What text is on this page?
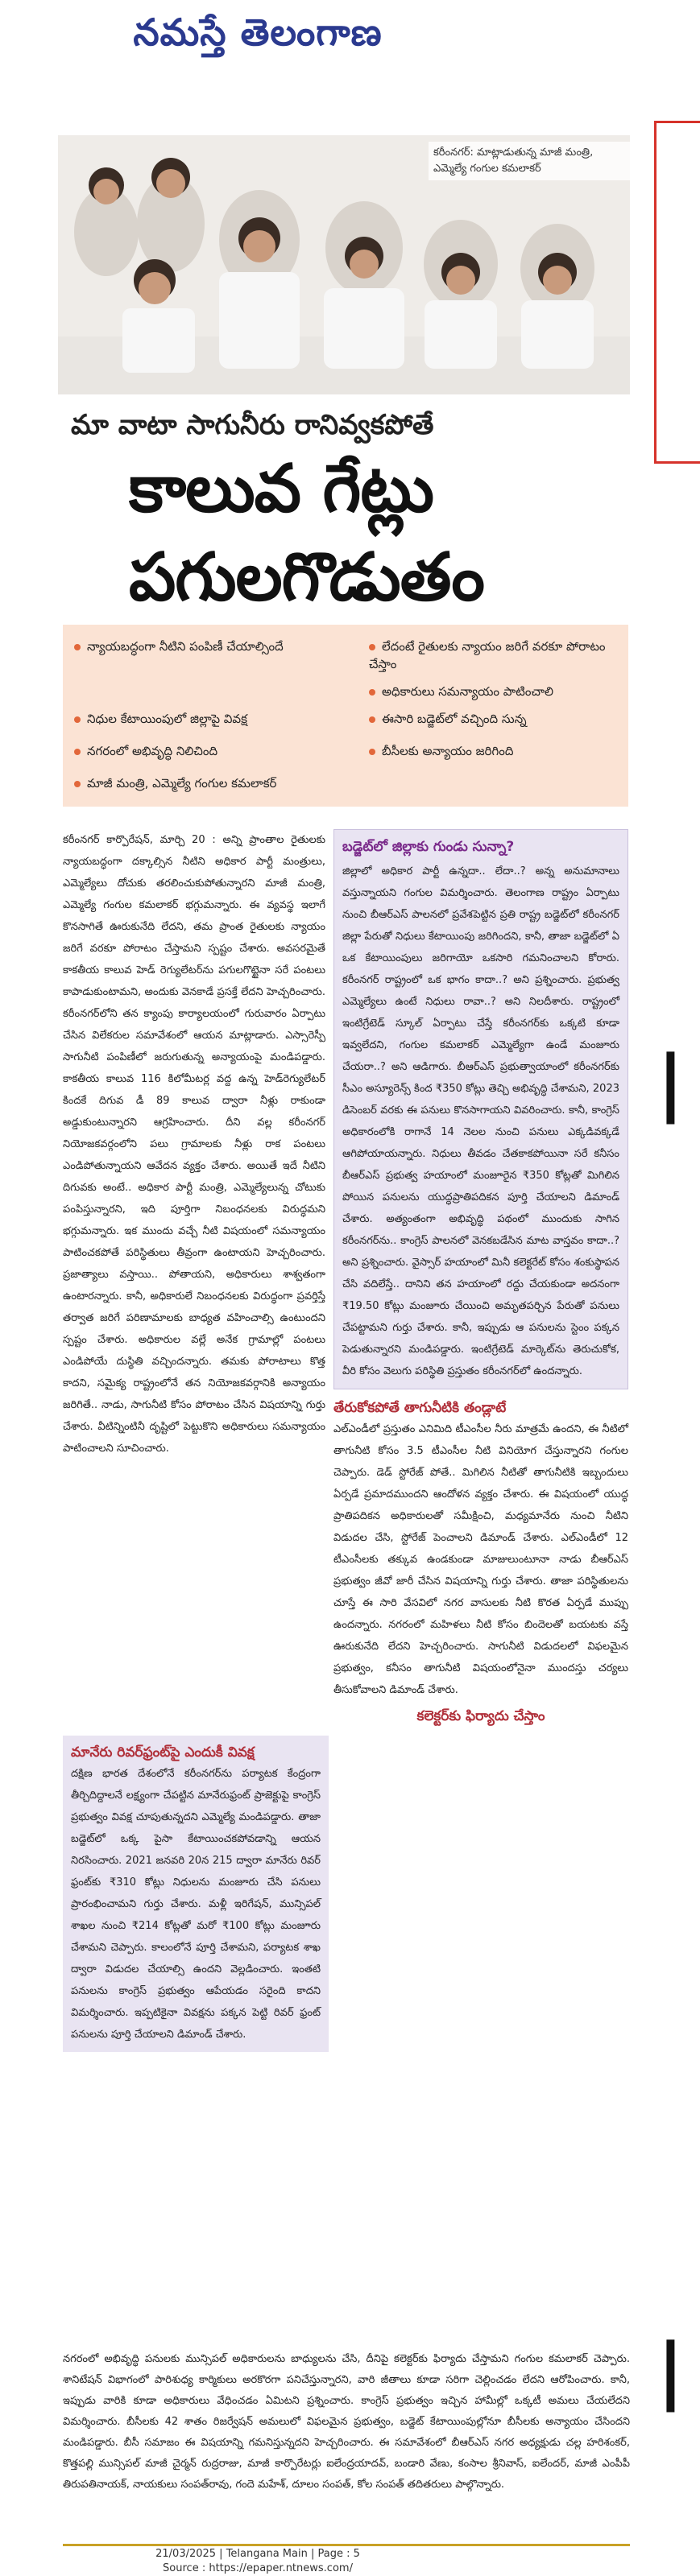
నమస్తే తెలంగాణ
కరీంనగర్: మాట్లాడుతున్న మాజీ మంత్రి, ఎమ్మెల్యే గంగుల కమలాకర్
మా వాటా సాగునీరు రానివ్వకపోతే
కాలువ గేట్లు
పగులగొడుతం
న్యాయబద్ధంగా నీటిని పంపిణీ చేయాల్సిందే	లేదంటే రైతులకు న్యాయం జరిగే వరకూ పోరాటం చేస్తాం
అధికారులు సమన్యాయం పాటించాలి
నిధుల కేటాయింపులో జిల్లాపై వివక్ష	ఈసారి బడ్జెట్‌లో వచ్చింది సున్న
నగరంలో అభివృద్ధి నిలిచింది	బీసీలకు అన్యాయం జరిగింది
మాజీ మంత్రి, ఎమ్మెల్యే గంగుల కమలాకర్
కరీంనగర్ కార్పొరేషన్, మార్చి 20 : అన్ని ప్రాంతాల రైతులకు న్యాయబద్ధంగా దక్కాల్సిన నీటిని అధికార పార్టీ మంత్రులు, ఎమ్మెల్యేలు దోచుకు తరలించుకుపోతున్నారని మాజీ మంత్రి, ఎమ్మెల్యే గంగుల కమలాకర్ భగ్గుమన్నారు. ఈ వ్యవస్థ ఇలాగే కొనసాగితే ఊరుకునేది లేదని, తమ ప్రాంత రైతులకు న్యాయం జరిగే వరకూ పోరాటం చేస్తామని స్పష్టం చేశారు. అవసరమైతే కాకతీయ కాలువ హెడ్ రెగ్యులేటర్‌ను పగులగొట్టైనా సరే పంటలు కాపాడుకుంటామని, అందుకు వెనకాడే ప్రసక్తే లేదని హెచ్చరించారు. కరీంనగర్‌లోని తన క్యాంపు కార్యాలయంలో గురువారం ఏర్పాటు చేసిన విలేకరుల సమావేశంలో ఆయన మాట్లాడారు. ఎస్సారెస్పీ సాగునీటి పంపిణీలో జరుగుతున్న అన్యాయంపై మండిపడ్డారు. కాకతీయ కాలువ 116 కిలోమీటర్ల వద్ద ఉన్న హెడ్‌రెగ్యులేటర్ కిందకే దిగువ డీ 89 కాలువ ద్వారా నీళ్లు రాకుండా అడ్డుకుంటున్నారని ఆగ్రహించారు. దీని వల్ల కరీంనగర్ నియోజకవర్గంలోని పలు గ్రామాలకు నీళ్లు రాక పంటలు ఎండిపోతున్నాయని ఆవేదన వ్యక్తం చేశారు. అయితే ఇదే నీటిని దిగువకు అంటే.. అధికార పార్టీ మంత్రి, ఎమ్మెల్యేలున్న చోటుకు పంపిస్తున్నారని, ఇది పూర్తిగా నిబంధనలకు విరుద్ధమని భగ్గుమన్నారు. ఇక ముందు వచ్చే నీటి విషయంలో సమన్యాయం పాటించకపోతే పరిస్థితులు తీవ్రంగా ఉంటాయని హెచ్చరించారు. ప్రజాత్యాలు వస్తాయి.. పోతాయని, అధికారులు శాశ్వతంగా ఉంటారన్నారు. కానీ, అధికారులే నిబంధనలకు విరుద్ధంగా ప్రవర్తిస్తే తర్వాత జరిగే పరిణామాలకు బాధ్యత వహించాల్సి ఉంటుందని స్పష్టం చేశారు. అధికారుల వల్లే అనేక గ్రామాల్లో పంటలు ఎండిపోయే దుస్థితి వచ్చిందన్నారు. తమకు పోరాటాలు కొత్త కాదని, సమైక్య రాష్ట్రంలోనే తన నియోజకవర్గానికి అన్యాయం జరిగితే.. నాడు, సాగునీటి కోసం పోరాటం చేసిన విషయాన్ని గుర్తు చేశారు. వీటిన్నింటినీ దృష్టిలో పెట్టుకొని అధికారులు సమన్యాయం పాటించాలని సూచించారు.
బడ్జెట్‌లో జిల్లాకు గుండు సున్నా?
జిల్లాలో అధికార పార్టీ ఉన్నదా.. లేదా..? అన్న అనుమానాలు వస్తున్నాయని గంగుల విమర్శించారు. తెలంగాణ రాష్ట్రం ఏర్పాటు నుంచి బీఆర్ఎస్ పాలనలో ప్రవేశపెట్టిన ప్రతి రాష్ట్ర బడ్జెట్‌లో కరీంనగర్ జిల్లా పేరుతో నిధులు కేటాయింపు జరిగిందని, కానీ, తాజా బడ్జెట్‌లో ఏ ఒక కేటాయింపులు జరిగాయో ఒకసారి గమనించాలని కోరారు. కరీంనగర్ రాష్ట్రంలో ఒక భాగం కాదా..? అని ప్రశ్నించారు. ప్రభుత్వ ఎమ్మెల్యేలు ఉంటే నిధులు రావా..? అని నిలదీశారు. రాష్ట్రంలో ఇంటిగ్రేటెడ్ స్కూల్ ఏర్పాటు చేస్తే కరీంనగర్‌కు ఒక్కటి కూడా ఇవ్వలేదని, గంగుల కమలాకర్ ఎమ్మెల్యేగా ఉండే మంజూరు చేయరా..? అని ఆడిగారు. బీఆర్ఎస్ ప్రభుత్వాయాంలో కరీంనగర్‌కు సీఎం అస్యూరెన్స్ కింద ₹350 కోట్లు తెచ్చి అభివృద్ధి చేశామని, 2023 డిసెంబర్ వరకు ఈ పనులు కొనసాగాయని వివరించారు. కానీ, కాంగ్రెస్ అధికారంలోకి రాగానే 14 నెలల నుంచి పనులు ఎక్కడివక్కడే ఆగిపోయాయన్నారు. నిధులు తీవడం చేతకాకపోయినా సరే కనీసం బీఆర్ఎస్ ప్రభుత్వ హయాంలో మంజూరైన ₹350 కోట్లతో మిగిలిన పోయిన పనులను యుద్ధప్రాతిపదికన పూర్తి చేయాలని డిమాండ్ చేశారు. అత్యంతంగా అభివృద్ధి పథంలో ముందుకు సాగిన కరీంనగర్‌ను.. కాంగ్రెస్ పాలనలో వెనకబడేసిన మాట వాస్తవం కాదా..? అని ప్రశ్నించారు. వైస్సార్ హయాంలో మినీ కలెక్టరేట్ కోసం శంకుస్థాపన చేసి వదిలేస్తే.. దానిని తన హయాంలో రద్దు చేయకుండా అదనంగా ₹19.50 కోట్లు మంజూరు చేయించి అమృతపర్చిన పేరుతో పనులు చేపట్టామని గుర్తు చేశారు. కానీ, ఇప్పుడు ఆ పనులను స్టెంం పక్కన పెడుతున్నారని మండిపడ్డారు. ఇంటిగ్రేటెడ్ మార్కెట్‌ను తెరుచుకోక, వీరి కోసం వెలుగు పరిస్థితి ప్రస్తుతం కరీంనగర్‌లో ఉందన్నారు.
తేరుకోకపోతే తాగునీటికి తండ్లాటే
ఎల్‌ఎండీలో ప్రస్తుతం ఎనిమిది టీఎంసీల నీరు మాత్రమే ఉందని, ఈ నీటిలో తాగునీటి కోసం 3.5 టీఎంసీల నీటి వినియోగ చేస్తున్నారని గంగుల చెప్పారు. డెడ్ స్టోరేజ్ పోతే.. మిగిలిన నీటితో తాగునీటికి ఇబ్బందులు ఏర్పడే ప్రమాదముందని ఆందోళన వ్యక్తం చేశారు. ఈ విషయంలో యుద్ధ ప్రాతిపదికన అధికారులతో సమీక్షించి, మధ్యమానేరు నుంచి నీటిని విడుదల చేసి, స్టోరేజ్ పెంచాలని డిమాండ్ చేశారు. ఎల్‌ఎండీలో 12 టీఎంసీలకు తక్కువ ఉండకుండా మాజులుంటూనా నాడు బీఆర్ఎస్ ప్రభుత్వం జీవో జారీ చేసిన విషయాన్ని గుర్తు చేశారు. తాజా పరిస్థితులను చూస్తే ఈ సారి వేసవిలో నగర వాసులకు నీటి కొరత ఏర్పడే ముప్పు ఉందన్నారు. నగరంలో మహిళలు నీటి కోసం బిందెలతో బయటకు వస్తే ఊరుకునేది లేదని హెచ్చరించారు. సాగునీటి విడుదలలో విఫలమైన ప్రభుత్వం, కనీసం తాగునీటి విషయంలోనైనా ముందస్తు చర్యలు తీసుకోవాలని డిమాండ్ చేశారు.
కలెక్టర్‌కు ఫిర్యాదు చేస్తాం
మానేరు రివర్‌ఫ్రంట్‌పై ఎందుకీ వివక్ష
దక్షిణ భారత దేశంలోనే కరీంనగర్‌ను పర్యాటక కేంద్రంగా తీర్చిదిద్దాలనే లక్ష్యంగా చేపట్టిన మానేరుఫ్రంట్ ప్రాజెక్టుపై కాంగ్రెస్ ప్రభుత్వం వివక్ష చూపుతున్నదని ఎమ్మెల్యే మండిపడ్డారు. తాజా బడ్జెట్‌లో ఒక్క పైసా కేటాయించకపోవడాన్ని ఆయన నిరసించారు. 2021 జనవరి 20న 215 ద్వారా మానేరు రివర్ ఫ్రంట్‌కు ₹310 కోట్లు నిధులను మంజూరు చేసి పనులు ప్రారంభించామని గుర్తు చేశారు. మళ్లీ ఇరిగేషన్, మున్సిపల్ శాఖల నుంచి ₹214 కోట్లతో మరో ₹100 కోట్లు మంజూరు చేశామని చెప్పారు. కాలంలోనే పూర్తి చేశామని, పర్యాటక శాఖ ద్వారా విడుదల చేయాల్సి ఉందని వెల్లడించారు. ఇంతటి పనులను కాంగ్రెస్ ప్రభుత్వం ఆపేయడం సరైంది కాదని విమర్శించారు. ఇప్పటికైనా వివక్షను పక్కన పెట్టి రివర్ ఫ్రంట్ పనులను పూర్తి చేయాలని డిమాండ్ చేశారు.
నగరంలో అభివృద్ధి పనులకు మున్సిపల్ అధికారులను బాధ్యులను చేసి, దీనిపై కలెక్టర్‌కు ఫిర్యాదు చేస్తామని గంగుల కమలాకర్ చెప్పారు. శానిటేషన్ విభాగంలో పారిశుధ్య కార్మికులు అరకొరగా పనిచేస్తున్నారని, వారి జీతాలు కూడా సరిగా చెల్లించడం లేదని ఆరోపించారు. కానీ, ఇప్పుడు వారికి కూడా అధికారులు వేధించడం ఏమిటని ప్రశ్నించారు. కాంగ్రెస్ ప్రభుత్వం ఇచ్చిన హామీల్లో ఒక్కటీ అమలు చేయలేదని విమర్శించారు. బీసీలకు 42 శాతం రిజర్వేషన్ అమలులో విఫలమైన ప్రభుత్వం, బడ్జెట్ కేటాయింపుల్లోనూ బీసీలకు అన్యాయం చేసిందని మండిపడ్డారు. బీసీ సమాజం ఈ విషయాన్ని గమనిస్తున్నదని హెచ్చరించారు. ఈ సమావేశంలో బీఆర్ఎస్ నగర అధ్యక్షుడు చల్ల హరిశంకర్, కొత్తపల్లి మున్సిపల్ మాజీ చైర్మన్ రుద్రరాజు, మాజీ కార్పొరేటర్లు ఐలేంద్రయాదవ్, బండారి వేణు, కంసాల శ్రీనివాస్, ఐలేందర్, మాజీ ఎంపీపీ తిరుపతినాయక్, నాయకులు సంపత్‌రావు, గందె మహేశ్, దూలం సంపత్, కోల సంపత్ తదితరులు పాల్గొన్నారు.
21/03/2025 | Telangana Main | Page : 5
Source : https://epaper.ntnews.com/
|
|
